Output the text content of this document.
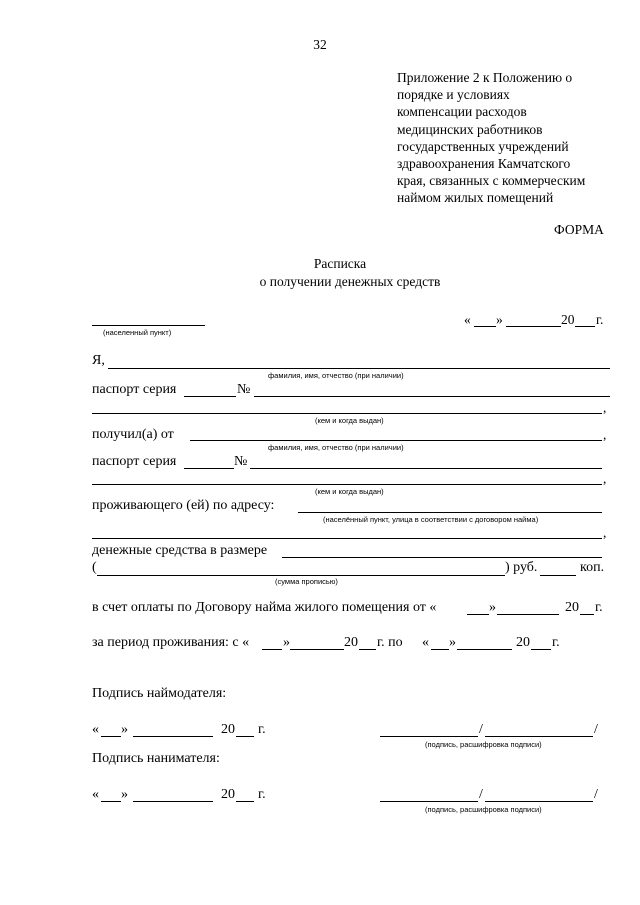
32
Приложение 2 к Положению о
порядке и условиях
компенсации расходов
медицинских работников
государственных учреждений
здравоохранения Камчатского
края, связанных с коммерческим
наймом жилых помещений
ФОРМА
Расписка
о получении денежных средств
(населенный пункт)
« »	20 г.
Я,
фамилия, имя, отчество (при наличии)
паспорт серия	№
,
(кем и когда выдан)
получил(а) от	,
фамилия, имя, отчество (при наличии)
паспорт серия	№
,
(кем и когда выдан)
проживающего (ей) по адресу:
(населённый пункт, улица в соответствии с договором найма)
,
денежные средства в размере
(	) руб.	коп.
(сумма прописью)
в счет оплаты по Договору найма жилого помещения от «	»	20 г.
за период проживания: с « »	20 г. по « »	20 г.
Подпись наймодателя:
« »	20 г.	/	/
(подпись, расшифровка подписи)
Подпись нанимателя:
« »	20 г.	/	/
(подпись, расшифровка подписи)
